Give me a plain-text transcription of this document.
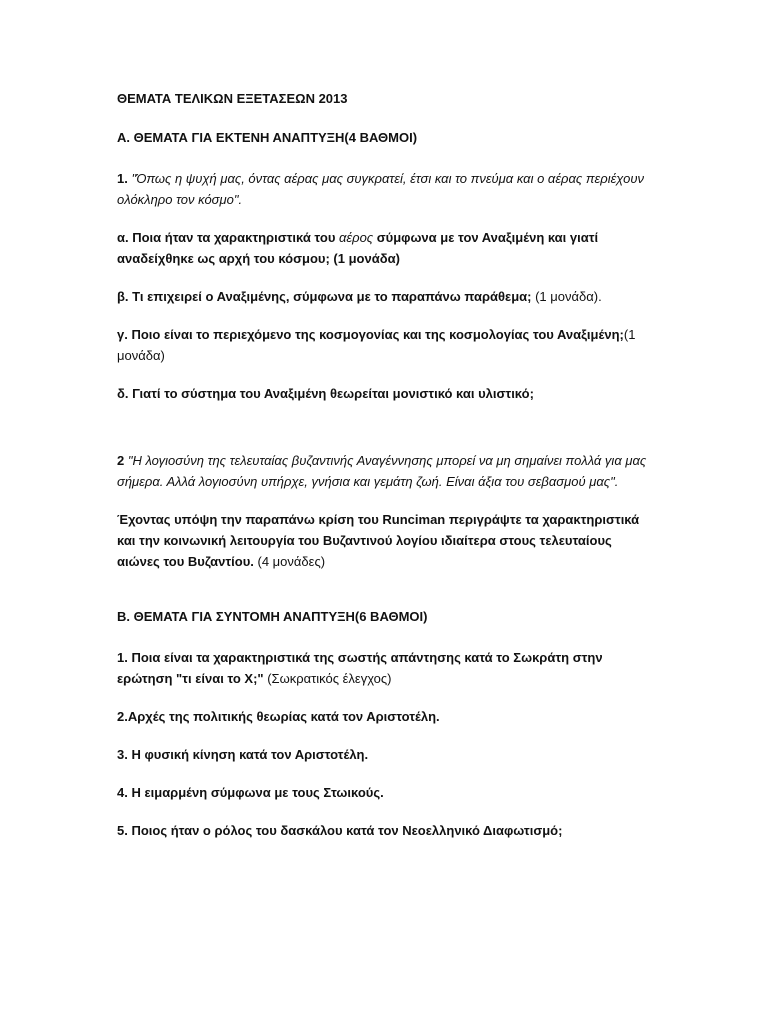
ΘΕΜΑΤΑ ΤΕΛΙΚΩΝ ΕΞΕΤΑΣΕΩΝ 2013

Α. ΘΕΜΑΤΑ ΓΙΑ ΕΚΤΕΝΗ ΑΝΑΠΤΥΞΗ(4 ΒΑΘΜΟΙ)

1. "Όπως η ψυχή μας, όντας αέρας μας συγκρατεί, έτσι και το πνεύμα και ο αέρας περιέχουν ολόκληρο τον κόσμο".

α. Ποια ήταν τα χαρακτηριστικά του αέρος σύμφωνα με τον Αναξιμένη και γιατί αναδείχθηκε ως αρχή του κόσμου; (1 μονάδα)

β. Τι επιχειρεί ο Αναξιμένης, σύμφωνα με το παραπάνω παράθεμα; (1 μονάδα).

γ. Ποιο είναι το περιεχόμενο της κοσμογονίας και της κοσμολογίας του Αναξιμένη;(1 μονάδα)

δ. Γιατί το σύστημα του Αναξιμένη θεωρείται μονιστικό και υλιστικό;

2 "Η λογιοσύνη της τελευταίας βυζαντινής Αναγέννησης μπορεί να μη σημαίνει πολλά για μας σήμερα. Αλλά λογιοσύνη υπήρχε, γνήσια και γεμάτη ζωή. Είναι άξια του σεβασμού μας".

Έχοντας υπόψη την παραπάνω κρίση του Runciman περιγράψτε τα χαρακτηριστικά και την κοινωνική λειτουργία του Βυζαντινού λογίου ιδιαίτερα στους τελευταίους αιώνες του Βυζαντίου. (4 μονάδες)

Β. ΘΕΜΑΤΑ ΓΙΑ ΣΥΝΤΟΜΗ ΑΝΑΠΤΥΞΗ(6 ΒΑΘΜΟΙ)

1. Ποια είναι τα χαρακτηριστικά της σωστής απάντησης κατά το Σωκράτη στην ερώτηση "τι είναι το Χ;" (Σωκρατικός έλεγχος)

2.Αρχές της πολιτικής θεωρίας κατά τον Αριστοτέλη.

3. Η φυσική κίνηση κατά τον Αριστοτέλη.

4. Η ειμαρμένη σύμφωνα με τους Στωικούς.

5. Ποιος ήταν ο ρόλος του δασκάλου κατά τον Νεοελληνικό Διαφωτισμό;
